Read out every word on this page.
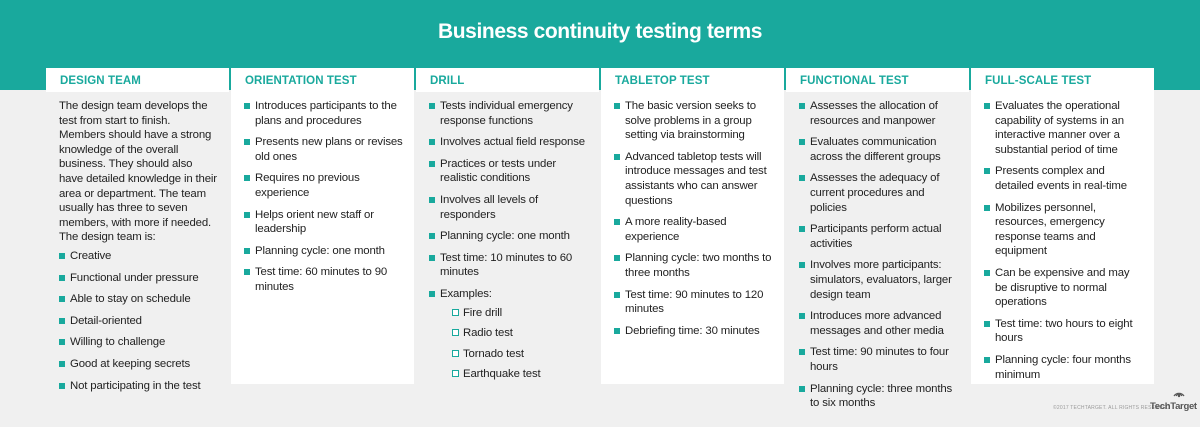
Business continuity testing terms
DESIGN TEAM

The design team develops the test from start to finish. Members should have a strong knowledge of the overall business. They should also have detailed knowledge in their area or department. The team usually has three to seven members, with more if needed. The design team is:

Creative
Functional under pressure
Able to stay on schedule
Detail-oriented
Willing to challenge
Good at keeping secrets
Not participating in the test
ORIENTATION TEST
Introduces participants to the plans and procedures
Presents new plans or revises old ones
Requires no previous experience
Helps orient new staff or leadership
Planning cycle: one month
Test time: 60 minutes to 90 minutes
DRILL
Tests individual emergency response functions
Involves actual field response
Practices or tests under realistic conditions
Involves all levels of responders
Planning cycle: one month
Test time: 10 minutes to 60 minutes
Examples:
Fire drill
Radio test
Tornado test
Earthquake test
TABLETOP TEST
The basic version seeks to solve problems in a group setting via brainstorming
Advanced tabletop tests will introduce messages and test assistants who can answer questions
A more reality-based experience
Planning cycle: two months to three months
Test time: 90 minutes to 120 minutes
Debriefing time: 30 minutes
FUNCTIONAL TEST
Assesses the allocation of resources and manpower
Evaluates communication across the different groups
Assesses the adequacy of current procedures and policies
Participants perform actual activities
Involves more participants: simulators, evaluators, larger design team
Introduces more advanced messages and other media
Test time: 90 minutes to four hours
Planning cycle: three months to six months
FULL-SCALE TEST
Evaluates the operational capability of systems in an interactive manner over a substantial period of time
Presents complex and detailed events in real-time
Mobilizes personnel, resources, emergency response teams and equipment
Can be expensive and may be disruptive to normal operations
Test time: two hours to eight hours
Planning cycle: four months minimum
©2017 TECHTARGET. ALL RIGHTS RESERVED
TechTarget
